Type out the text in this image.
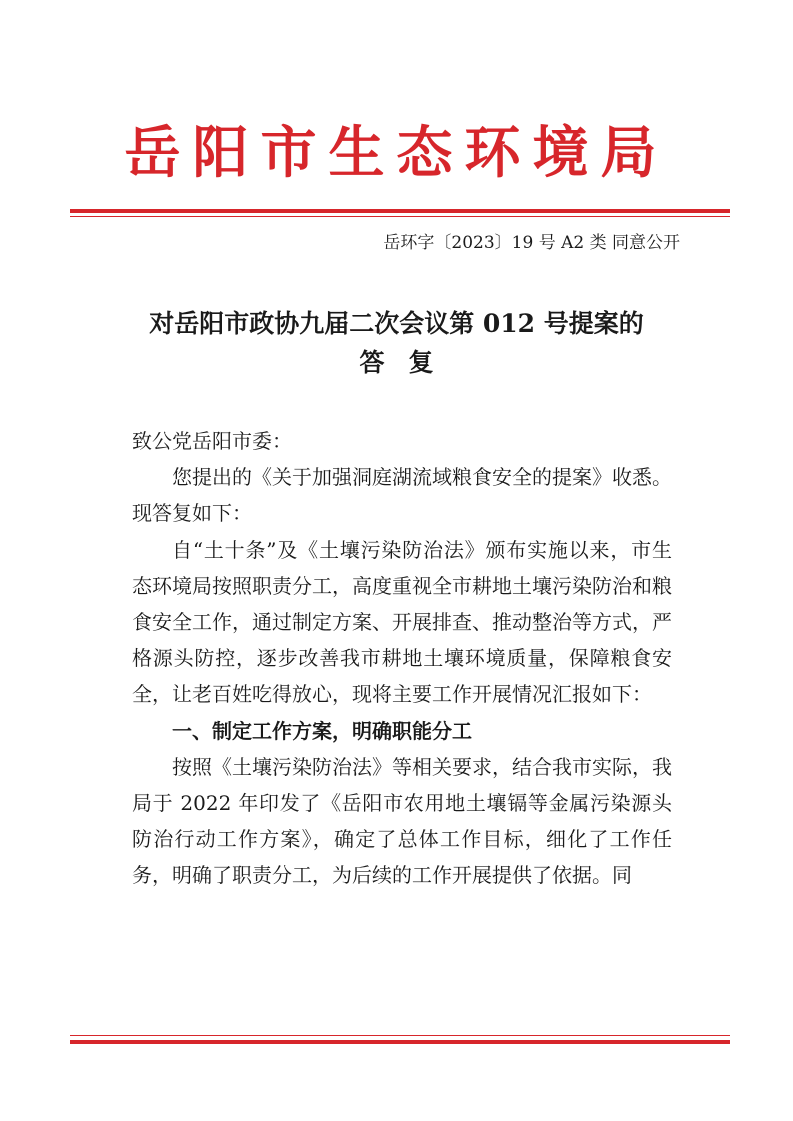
岳阳市生态环境局
岳环字〔2023〕19 号 A2 类 同意公开
对岳阳市政协九届二次会议第 012 号提案的
答复

致公党岳阳市委：

您提出的《关于加强洞庭湖流域粮食安全的提案》收悉。现答复如下：

自“土十条”及《土壤污染防治法》颁布实施以来，市生态环境局按照职责分工，高度重视全市耕地土壤污染防治和粮食安全工作，通过制定方案、开展排查、推动整治等方式，严格源头防控，逐步改善我市耕地土壤环境质量，保障粮食安全，让老百姓吃得放心，现将主要工作开展情况汇报如下：

一、制定工作方案，明确职能分工

按照《土壤污染防治法》等相关要求，结合我市实际，我局于 2022 年印发了《岳阳市农用地土壤镉等金属污染源头防治行动工作方案》，确定了总体工作目标，细化了工作任务，明确了职责分工，为后续的工作开展提供了依据。同
